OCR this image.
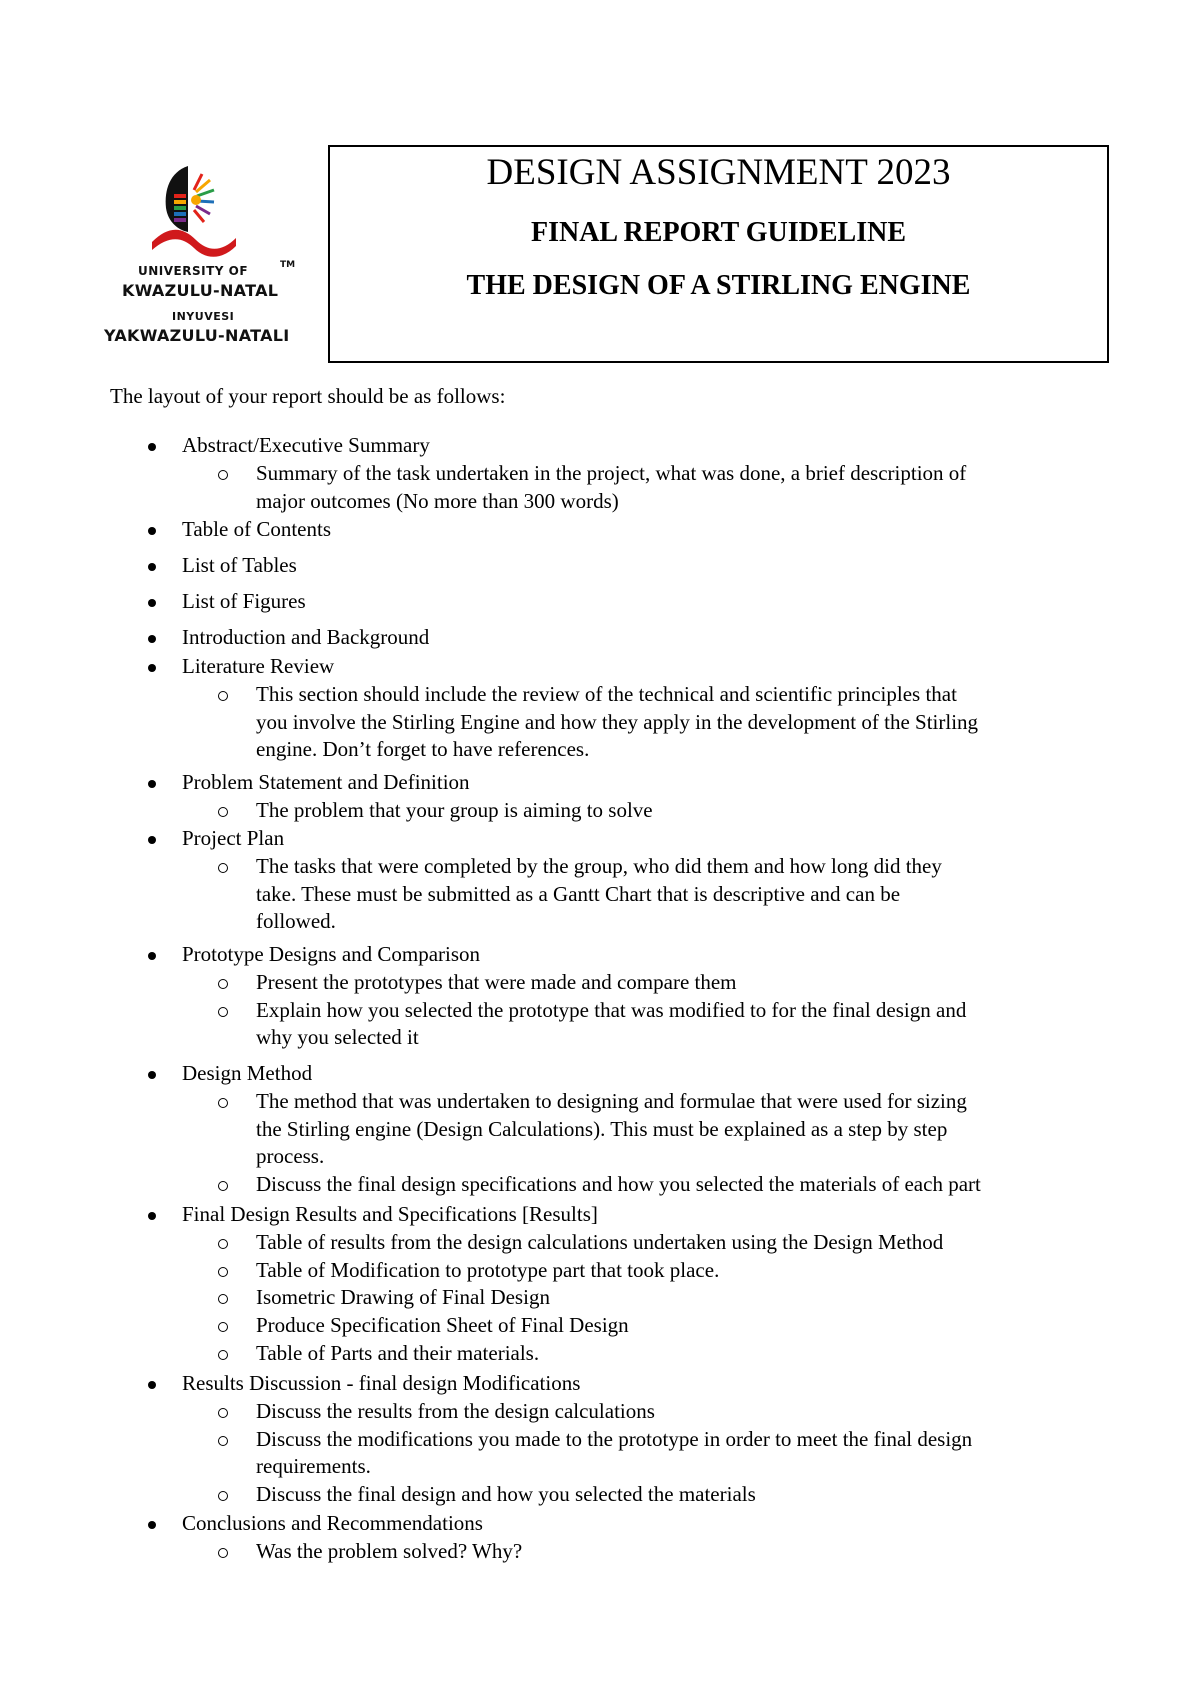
UNIVERSITY OF	TM
KWAZULU-NATAL
INYUVESI
YAKWAZULU-NATALI
DESIGN ASSIGNMENT 2023
FINAL REPORT GUIDELINE
THE DESIGN OF A STIRLING ENGINE
The layout of your report should be as follows:
Abstract/Executive Summary
Summary of the task undertaken in the project, what was done, a brief description of
major outcomes (No more than 300 words)
Table of Contents
List of Tables
List of Figures
Introduction and Background
Literature Review
This section should include the review of the technical and scientific principles that
you involve the Stirling Engine and how they apply in the development of the Stirling
engine. Don’t forget to have references.
Problem Statement and Definition
The problem that your group is aiming to solve
Project Plan
The tasks that were completed by the group, who did them and how long did they
take. These must be submitted as a Gantt Chart that is descriptive and can be
followed.
Prototype Designs and Comparison
Present the prototypes that were made and compare them
Explain how you selected the prototype that was modified to for the final design and
why you selected it
Design Method
The method that was undertaken to designing and formulae that were used for sizing
the Stirling engine (Design Calculations). This must be explained as a step by step
process.
Discuss the final design specifications and how you selected the materials of each part
Final Design Results and Specifications [Results]
Table of results from the design calculations undertaken using the Design Method
Table of Modification to prototype part that took place.
Isometric Drawing of Final Design
Produce Specification Sheet of Final Design
Table of Parts and their materials.
Results Discussion - final design Modifications
Discuss the results from the design calculations
Discuss the modifications you made to the prototype in order to meet the final design
requirements.
Discuss the final design and how you selected the materials
Conclusions and Recommendations
Was the problem solved? Why?
